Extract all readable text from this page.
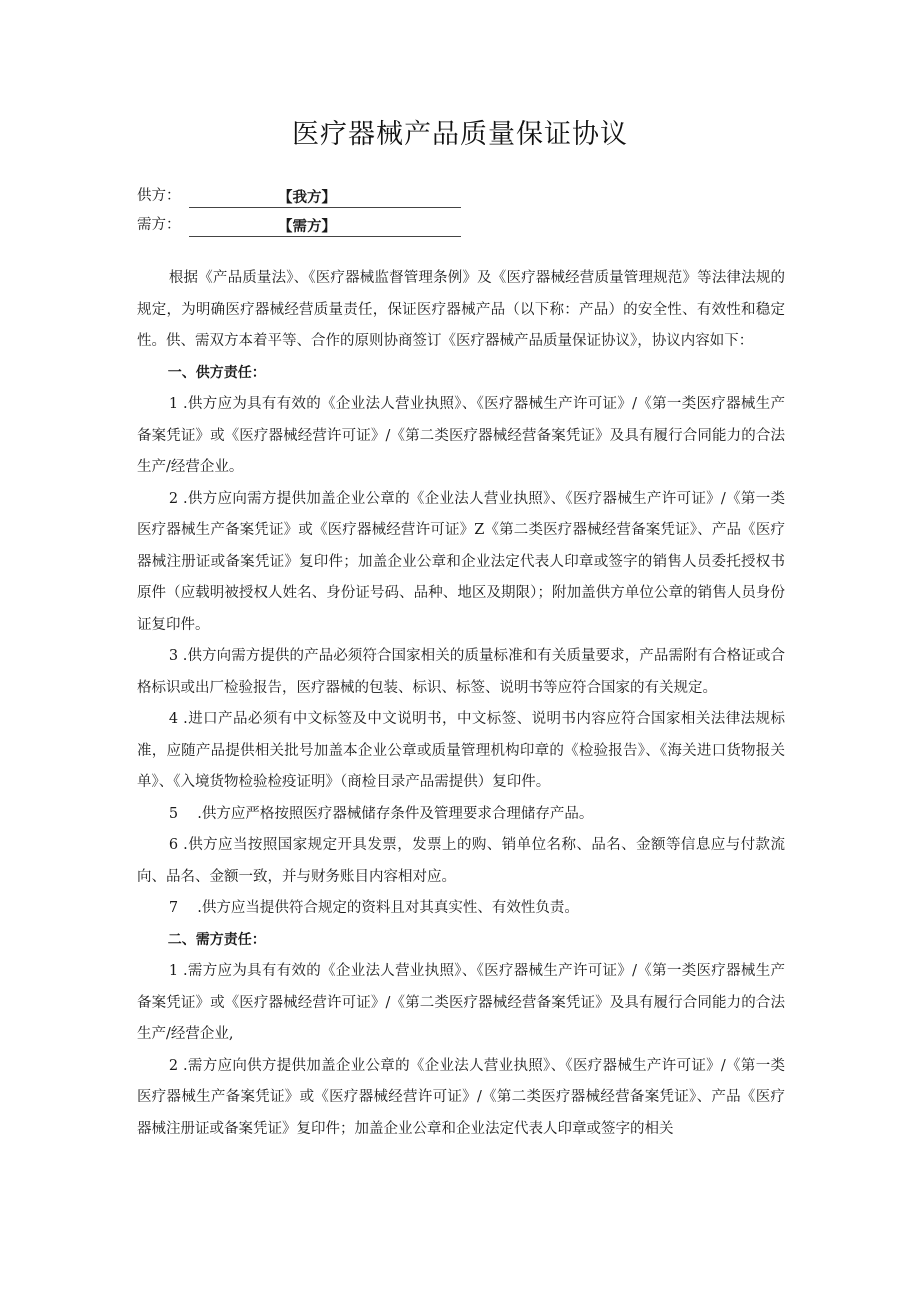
医疗器械产品质量保证协议
供方：	【我方】
需方：	【需方】

根据《产品质量法》、《医疗器械监督管理条例》及《医疗器械经营质量管理规范》等法律法规的规定，为明确医疗器械经营质量责任，保证医疗器械产品（以下称：产品）的安全性、有效性和稳定性。供、需双方本着平等、合作的原则协商签订《医疗器械产品质量保证协议》，协议内容如下：

一、供方责任：

1 .供方应为具有有效的《企业法人营业执照》、《医疗器械生产许可证》/《第一类医疗器械生产备案凭证》或《医疗器械经营许可证》/《第二类医疗器械经营备案凭证》及具有履行合同能力的合法生产/经营企业。

2 .供方应向需方提供加盖企业公章的《企业法人营业执照》、《医疗器械生产许可证》/《第一类医疗器械生产备案凭证》或《医疗器械经营许可证》Z《第二类医疗器械经营备案凭证》、产品《医疗器械注册证或备案凭证》复印件；加盖企业公章和企业法定代表人印章或签字的销售人员委托授权书原件（应载明被授权人姓名、身份证号码、品种、地区及期限）；附加盖供方单位公章的销售人员身份证复印件。

3 .供方向需方提供的产品必须符合国家相关的质量标准和有关质量要求，产品需附有合格证或合格标识或出厂检验报告，医疗器械的包装、标识、标签、说明书等应符合国家的有关规定。

4 .进口产品必须有中文标签及中文说明书，中文标签、说明书内容应符合国家相关法律法规标准，应随产品提供相关批号加盖本企业公章或质量管理机构印章的《检验报告》、《海关进口货物报关单》、《入境货物检验检疫证明》（商检目录产品需提供）复印件。

5　 .供方应严格按照医疗器械储存条件及管理要求合理储存产品。

6 .供方应当按照国家规定开具发票，发票上的购、销单位名称、品名、金额等信息应与付款流向、品名、金额一致，并与财务账目内容相对应。

7　 .供方应当提供符合规定的资料且对其真实性、有效性负责。

二、需方责任：

1 .需方应为具有有效的《企业法人营业执照》、《医疗器械生产许可证》/《第一类医疗器械生产备案凭证》或《医疗器械经营许可证》/《第二类医疗器械经营备案凭证》及具有履行合同能力的合法生产/经营企业,

2 .需方应向供方提供加盖企业公章的《企业法人营业执照》、《医疗器械生产许可证》/《第一类医疗器械生产备案凭证》或《医疗器械经营许可证》/《第二类医疗器械经营备案凭证》、产品《医疗器械注册证或备案凭证》复印件；加盖企业公章和企业法定代表人印章或签字的相关
